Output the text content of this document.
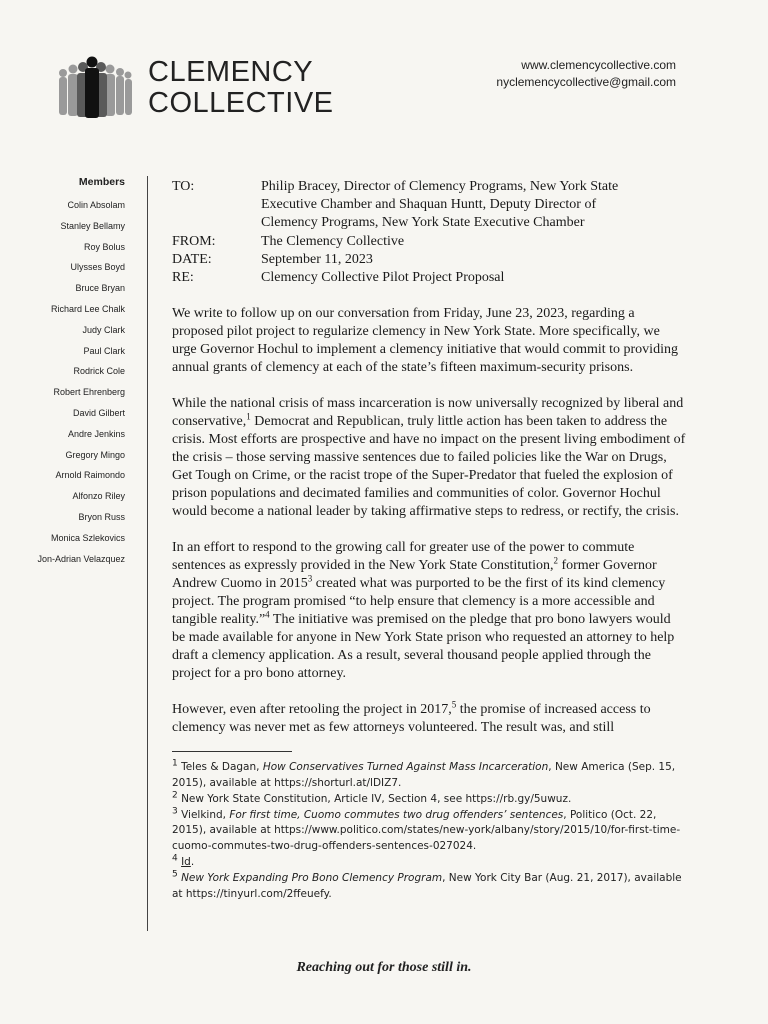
CLEMENCY
COLLECTIVE
www.clemencycollective.com
nyclemencycollective@gmail.com
Members
Colin Absolam
Stanley Bellamy
Roy Bolus
Ulysses Boyd
Bruce Bryan
Richard Lee Chalk
Judy Clark
Paul Clark
Rodrick Cole
Robert Ehrenberg
David Gilbert
Andre Jenkins
Gregory Mingo
Arnold Raimondo
Alfonzo Riley
Bryon Russ
Monica Szlekovics
Jon-Adrian Velazquez
TO:	Philip Bracey, Director of Clemency Programs, New York State
Executive Chamber and Shaquan Huntt, Deputy Director of
Clemency Programs, New York State Executive Chamber
FROM:	The Clemency Collective
DATE:	September 11, 2023
RE:	Clemency Collective Pilot Project Proposal

We write to follow up on our conversation from Friday, June 23, 2023, regarding a proposed pilot project to regularize clemency in New York State. More specifically, we urge Governor Hochul to implement a clemency initiative that would commit to providing annual grants of clemency at each of the state’s fifteen maximum-security prisons.

While the national crisis of mass incarceration is now universally recognized by liberal and conservative,$^1$ Democrat and Republican, truly little action has been taken to address the crisis. Most efforts are prospective and have no impact on the present living embodiment of the crisis – those serving massive sentences due to failed policies like the War on Drugs, Get Tough on Crime, or the racist trope of the Super-Predator that fueled the explosion of prison populations and decimated families and communities of color. Governor Hochul would become a national leader by taking affirmative steps to redress, or rectify, the crisis.

In an effort to respond to the growing call for greater use of the power to commute sentences as expressly provided in the New York State Constitution,$^2$ former Governor Andrew Cuomo in 2015$^3$ created what was purported to be the first of its kind clemency project. The program promised “to help ensure that clemency is a more accessible and tangible reality.”$^4$ The initiative was premised on the pledge that pro bono lawyers would be made available for anyone in New York State prison who requested an attorney to help draft a clemency application. As a result, several thousand people applied through the project for a pro bono attorney.

However, even after retooling the project in 2017,$^5$ the promise of increased access to clemency was never met as few attorneys volunteered. The result was, and still

$^1$ Teles & Dagan, How Conservatives Turned Against Mass Incarceration, New America (Sep. 15, 2015), available at https://shorturl.at/lDIZ7.
$^2$ New York State Constitution, Article IV, Section 4, see https://rb.gy/5uwuz.
$^3$ Vielkind, For first time, Cuomo commutes two drug offenders’ sentences, Politico (Oct. 22, 2015), available at https://www.politico.com/states/new-york/albany/story/2015/10/for-first-time-cuomo-commutes-two-drug-offenders-sentences-027024.
$^4$ Id.
$^5$ New York Expanding Pro Bono Clemency Program, New York City Bar (Aug. 21, 2017), available at https://tinyurl.com/2ffeuefy.
Reaching out for those still in.
